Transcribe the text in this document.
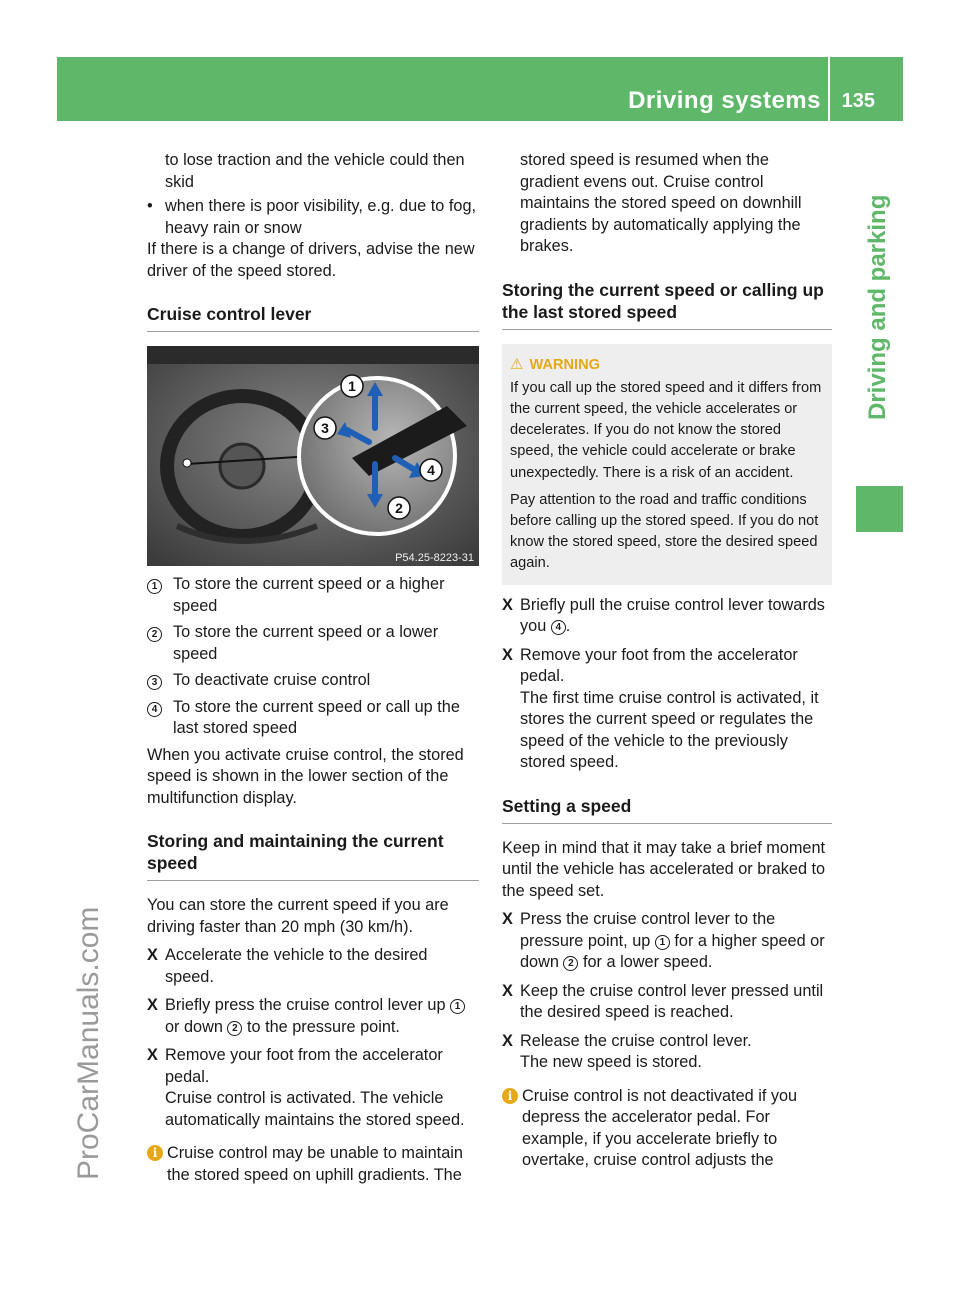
Driving systems 135
Driving and parking
ProCarManuals.com

to lose traction and the vehicle could then skid

• when there is poor visibility, e.g. due to fog, heavy rain or snow

If there is a change of drivers, advise the new driver of the speed stored.

Cruise control lever
1
2
3
4
P54.25-8223-31
1 To store the current speed or a higher speed
2 To store the current speed or a lower speed
3 To deactivate cruise control
4 To store the current speed or call up the last stored speed

When you activate cruise control, the stored speed is shown in the lower section of the multifunction display.

Storing and maintaining the current speed

You can store the current speed if you are driving faster than 20 mph (30 km/h).

X Accelerate the vehicle to the desired speed.
X Briefly press the cruise control lever up 1 or down 2 to the pressure point.
X Remove your foot from the accelerator pedal.
Cruise control is activated. The vehicle automatically maintains the stored speed.
i Cruise control may be unable to maintain the stored speed on uphill gradients. The

stored speed is resumed when the gradient evens out. Cruise control maintains the stored speed on downhill gradients by automatically applying the brakes.

Storing the current speed or calling up the last stored speed
⚠ WARNING

If you call up the stored speed and it differs from the current speed, the vehicle accelerates or decelerates. If you do not know the stored speed, the vehicle could accelerate or brake unexpectedly. There is a risk of an accident.

Pay attention to the road and traffic conditions before calling up the stored speed. If you do not know the stored speed, store the desired speed again.

X Briefly pull the cruise control lever towards you 4 .
X Remove your foot from the accelerator pedal.
The first time cruise control is activated, it stores the current speed or regulates the speed of the vehicle to the previously stored speed.
Setting a speed

Keep in mind that it may take a brief moment until the vehicle has accelerated or braked to the speed set.

X Press the cruise control lever to the pressure point, up 1 for a higher speed or down 2 for a lower speed.
X Keep the cruise control lever pressed until the desired speed is reached.
X Release the cruise control lever.
The new speed is stored.
i Cruise control is not deactivated if you depress the accelerator pedal. For example, if you accelerate briefly to overtake, cruise control adjusts the
